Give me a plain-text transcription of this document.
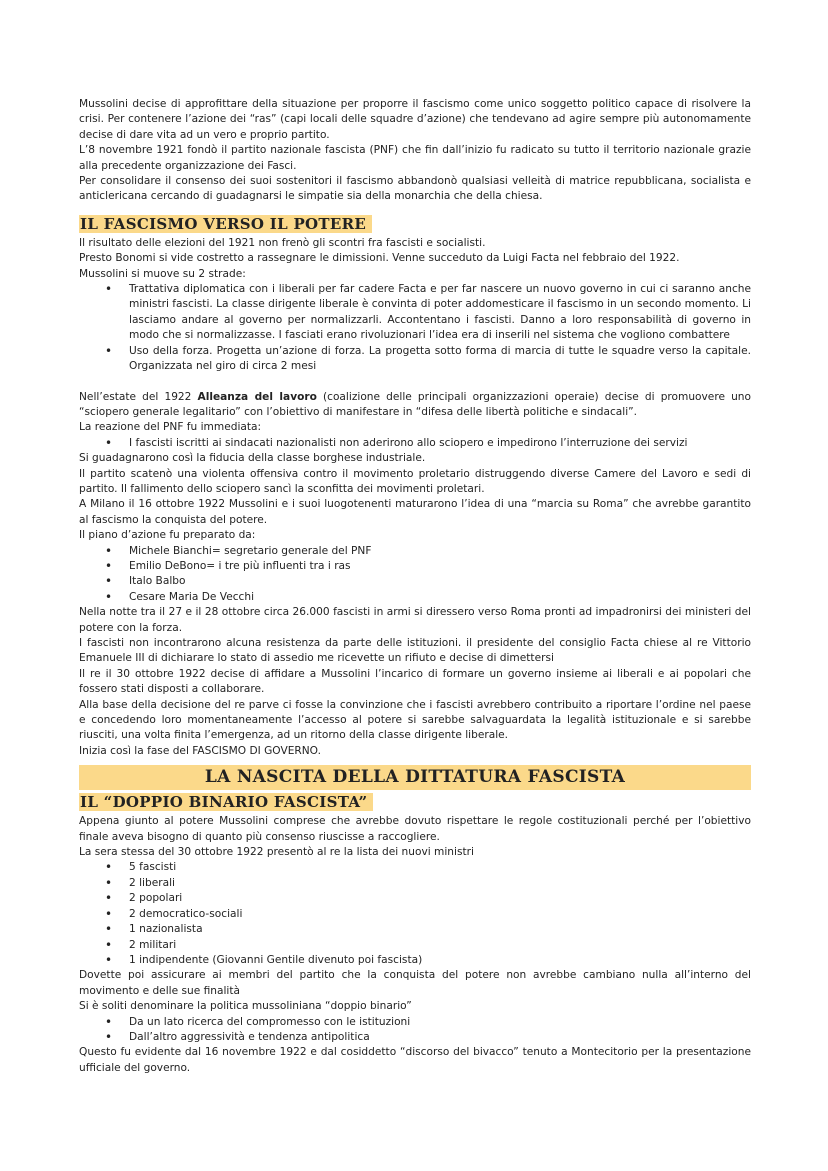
Mussolini decise di approfittare della situazione per proporre il fascismo come unico soggetto politico capace di risolvere la crisi. Per contenere l’azione dei “ras” (capi locali delle squadre d’azione) che tendevano ad agire sempre più autonomamente decise di dare vita ad un vero e proprio partito.

L’8 novembre 1921 fondò il partito nazionale fascista (PNF) che fin dall’inizio fu radicato su tutto il territorio nazionale grazie alla precedente organizzazione dei Fasci.

Per consolidare il consenso dei suoi sostenitori il fascismo abbandonò qualsiasi velleità di matrice repubblicana, socialista e anticlericana cercando di guadagnarsi le simpatie sia della monarchia che della chiesa.

IL FASCISMO VERSO IL POTERE

Il risultato delle elezioni del 1921 non frenò gli scontri fra fascisti e socialisti.

Presto Bonomi si vide costretto a rassegnare le dimissioni. Venne succeduto da Luigi Facta nel febbraio del 1922.

Mussolini si muove su 2 strade:

• Trattativa diplomatica con i liberali per far cadere Facta e per far nascere un nuovo governo in cui ci saranno anche ministri fascisti. La classe dirigente liberale è convinta di poter addomesticare il fascismo in un secondo momento. Li lasciamo andare al governo per normalizzarli. Accontentano i fascisti. Danno a loro responsabilità di governo in modo che si normalizzasse. I fasciati erano rivoluzionari l’idea era di inserili nel sistema che vogliono combattere
• Uso della forza. Progetta un’azione di forza. La progetta sotto forma di marcia di tutte le squadre verso la capitale. Organizzata nel giro di circa 2 mesi

Nell’estate del 1922 Alleanza del lavoro (coalizione delle principali organizzazioni operaie) decise di promuovere uno “sciopero generale legalitario” con l’obiettivo di manifestare in “difesa delle libertà politiche e sindacali”.

La reazione del PNF fu immediata:

• I fascisti iscritti ai sindacati nazionalisti non aderirono allo sciopero e impedirono l’interruzione dei servizi

Si guadagnarono così la fiducia della classe borghese industriale.

Il partito scatenò una violenta offensiva contro il movimento proletario distruggendo diverse Camere del Lavoro e sedi di partito. Il fallimento dello sciopero sancì la sconfitta dei movimenti proletari.

A Milano il 16 ottobre 1922 Mussolini e i suoi luogotenenti maturarono l’idea di una “marcia su Roma” che avrebbe garantito al fascismo la conquista del potere.

Il piano d’azione fu preparato da:

• Michele Bianchi= segretario generale del PNF
• Emilio DeBono= i tre più influenti tra i ras
• Italo Balbo
• Cesare Maria De Vecchi

Nella notte tra il 27 e il 28 ottobre circa 26.000 fascisti in armi si diressero verso Roma pronti ad impadronirsi dei ministeri del potere con la forza.

I fascisti non incontrarono alcuna resistenza da parte delle istituzioni. il presidente del consiglio Facta chiese al re Vittorio Emanuele III di dichiarare lo stato di assedio me ricevette un rifiuto e decise di dimettersi

Il re il 30 ottobre 1922 decise di affidare a Mussolini l’incarico di formare un governo insieme ai liberali e ai popolari che fossero stati disposti a collaborare.

Alla base della decisione del re parve ci fosse la convinzione che i fascisti avrebbero contribuito a riportare l’ordine nel paese e concedendo loro momentaneamente l’accesso al potere si sarebbe salvaguardata la legalità istituzionale e si sarebbe riusciti, una volta finita l’emergenza, ad un ritorno della classe dirigente liberale.

Inizia così la fase del FASCISMO DI GOVERNO.

LA NASCITA DELLA DITTATURA FASCISTA
IL “DOPPIO BINARIO FASCISTA”

Appena giunto al potere Mussolini comprese che avrebbe dovuto rispettare le regole costituzionali perché per l’obiettivo finale aveva bisogno di quanto più consenso riuscisse a raccogliere.

La sera stessa del 30 ottobre 1922 presentò al re la lista dei nuovi ministri

• 5 fascisti
• 2 liberali
• 2 popolari
• 2 democratico-sociali
• 1 nazionalista
• 2 militari
• 1 indipendente (Giovanni Gentile divenuto poi fascista)

Dovette poi assicurare ai membri del partito che la conquista del potere non avrebbe cambiano nulla all’interno del movimento e delle sue finalità

Si è soliti denominare la politica mussoliniana “doppio binario”

• Da un lato ricerca del compromesso con le istituzioni
• Dall’altro aggressività e tendenza antipolitica

Questo fu evidente dal 16 novembre 1922 e dal cosiddetto “discorso del bivacco” tenuto a Montecitorio per la presentazione ufficiale del governo.
